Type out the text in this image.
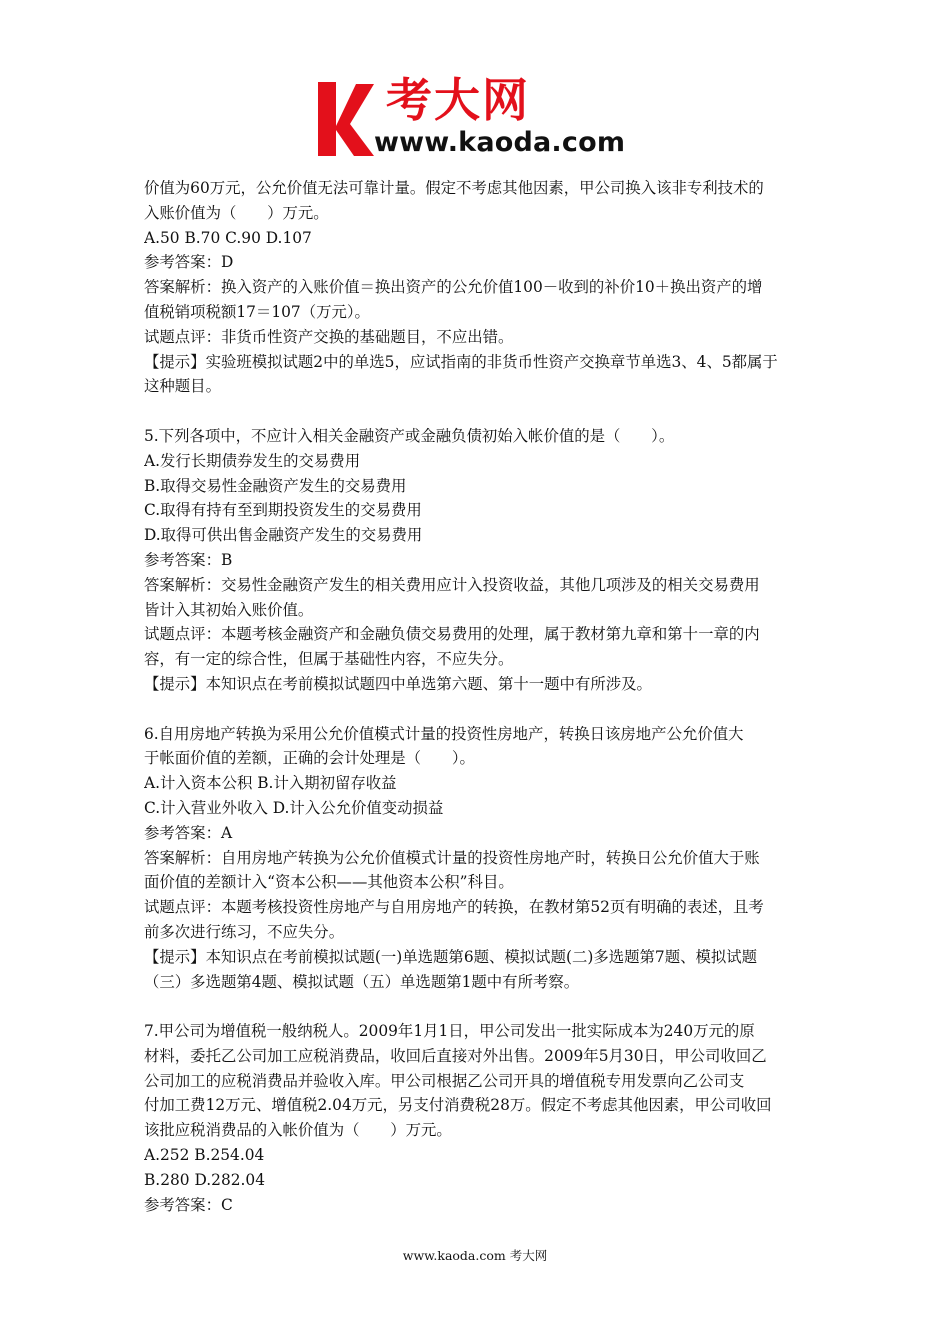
考大网
www.kaoda.com
价值为60万元，公允价值无法可靠计量。假定不考虑其他因素，甲公司换入该非专利技术的
入账价值为（　　）万元。
A.50 B.70 C.90 D.107
参考答案：D
答案解析：换入资产的入账价值＝换出资产的公允价值100－收到的补价10＋换出资产的增
值税销项税额17＝107（万元）。
试题点评：非货币性资产交换的基础题目，不应出错。
【提示】实验班模拟试题2中的单选5，应试指南的非货币性资产交换章节单选3、4、5都属于
这种题目。
5.下列各项中，不应计入相关金融资产或金融负债初始入帐价值的是（　　）。
A.发行长期债券发生的交易费用
B.取得交易性金融资产发生的交易费用
C.取得有持有至到期投资发生的交易费用
D.取得可供出售金融资产发生的交易费用
参考答案：B
答案解析：交易性金融资产发生的相关费用应计入投资收益，其他几项涉及的相关交易费用
皆计入其初始入账价值。
试题点评：本题考核金融资产和金融负债交易费用的处理，属于教材第九章和第十一章的内
容，有一定的综合性，但属于基础性内容，不应失分。
【提示】本知识点在考前模拟试题四中单选第六题、第十一题中有所涉及。
6.自用房地产转换为采用公允价值模式计量的投资性房地产，转换日该房地产公允价值大
于帐面价值的差额，正确的会计处理是（　　）。
A.计入资本公积 B.计入期初留存收益
C.计入营业外收入 D.计入公允价值变动损益
参考答案：A
答案解析：自用房地产转换为公允价值模式计量的投资性房地产时，转换日公允价值大于账
面价值的差额计入“资本公积——其他资本公积”科目。
试题点评：本题考核投资性房地产与自用房地产的转换，在教材第52页有明确的表述，且考
前多次进行练习，不应失分。
【提示】本知识点在考前模拟试题(一)单选题第6题、模拟试题(二)多选题第7题、模拟试题
（三）多选题第4题、模拟试题（五）单选题第1题中有所考察。
7.甲公司为增值税一般纳税人。2009年1月1日，甲公司发出一批实际成本为240万元的原
材料，委托乙公司加工应税消费品，收回后直接对外出售。2009年5月30日，甲公司收回乙
公司加工的应税消费品并验收入库。甲公司根据乙公司开具的增值税专用发票向乙公司支
付加工费12万元、增值税2.04万元，另支付消费税28万。假定不考虑其他因素，甲公司收回
该批应税消费品的入帐价值为（　　）万元。
A.252 B.254.04
B.280 D.282.04
参考答案：C
www.kaoda.com 考大网
